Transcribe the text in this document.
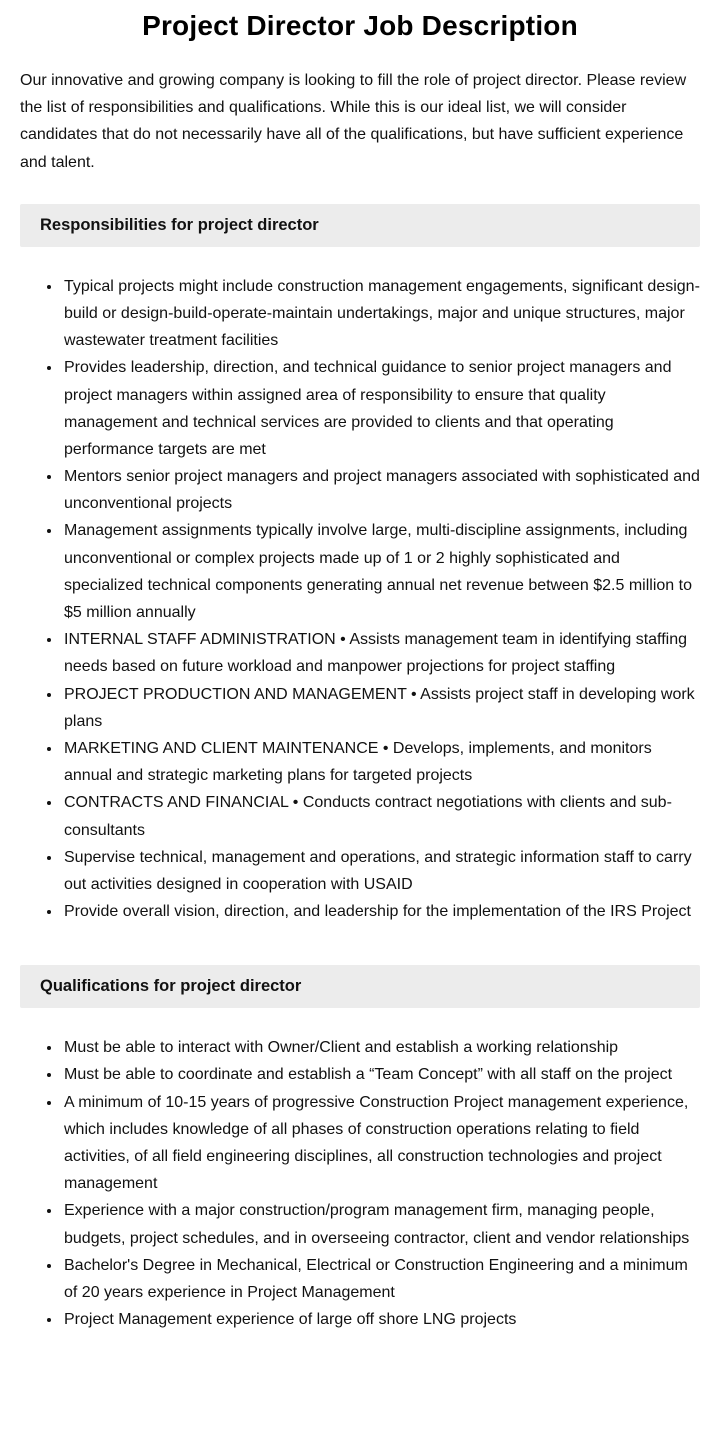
Project Director Job Description

Our innovative and growing company is looking to fill the role of project director. Please review the list of responsibilities and qualifications. While this is our ideal list, we will consider candidates that do not necessarily have all of the qualifications, but have sufficient experience and talent.

Responsibilities for project director
• Typical projects might include construction management engagements, significant design-build or design-build-operate-maintain undertakings, major and unique structures, major wastewater treatment facilities
• Provides leadership, direction, and technical guidance to senior project managers and project managers within assigned area of responsibility to ensure that quality management and technical services are provided to clients and that operating performance targets are met
• Mentors senior project managers and project managers associated with sophisticated and unconventional projects
• Management assignments typically involve large, multi-discipline assignments, including unconventional or complex projects made up of 1 or 2 highly sophisticated and specialized technical components generating annual net revenue between $2.5 million to $5 million annually
• INTERNAL STAFF ADMINISTRATION • Assists management team in identifying staffing needs based on future workload and manpower projections for project staffing
• PROJECT PRODUCTION AND MANAGEMENT • Assists project staff in developing work plans
• MARKETING AND CLIENT MAINTENANCE • Develops, implements, and monitors annual and strategic marketing plans for targeted projects
• CONTRACTS AND FINANCIAL • Conducts contract negotiations with clients and sub-consultants
• Supervise technical, management and operations, and strategic information staff to carry out activities designed in cooperation with USAID
• Provide overall vision, direction, and leadership for the implementation of the IRS Project
Qualifications for project director
• Must be able to interact with Owner/Client and establish a working relationship
• Must be able to coordinate and establish a “Team Concept” with all staff on the project
• A minimum of 10-15 years of progressive Construction Project management experience, which includes knowledge of all phases of construction operations relating to field activities, of all field engineering disciplines, all construction technologies and project management
• Experience with a major construction/program management firm, managing people, budgets, project schedules, and in overseeing contractor, client and vendor relationships
• Bachelor's Degree in Mechanical, Electrical or Construction Engineering and a minimum of 20 years experience in Project Management
• Project Management experience of large off shore LNG projects
